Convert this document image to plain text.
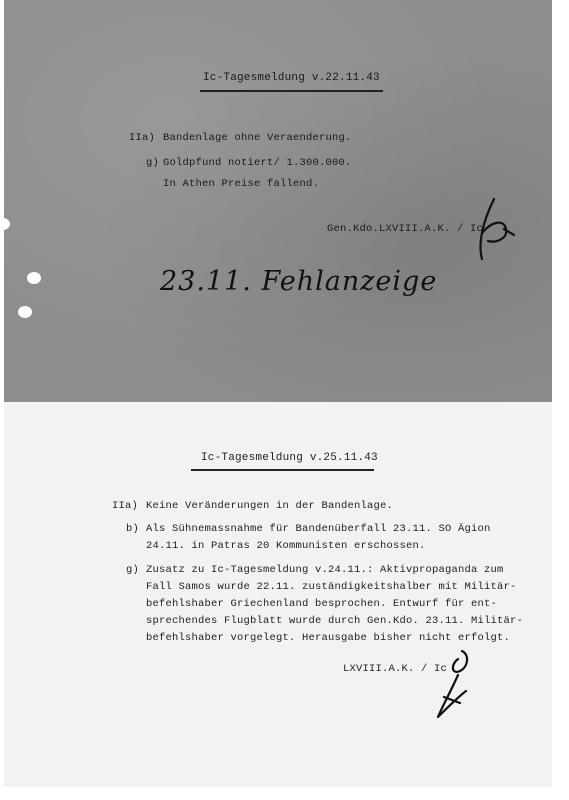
Ic-Tagesmeldung v.22.11.43
IIa) Bandenlage ohne Veraenderung.
g) Goldpfund notiert/ 1.300.000.
In Athen Preise fallend.
Gen.Kdo.LXVIII.A.K. / Ic
23.11. Fehlanzeige
Ic-Tagesmeldung v.25.11.43
IIa) Keine Veränderungen in der Bandenlage.
b) Als Sühnemassnahme für Bandenüberfall 23.11. SO Ägion
24.11. in Patras 20 Kommunisten erschossen.
g) Zusatz zu Ic-Tagesmeldung v.24.11.: Aktivpropaganda zum
Fall Samos wurde 22.11. zuständigkeitshalber mit Militär-
befehlshaber Griechenland besprochen. Entwurf für ent-
sprechendes Flugblatt wurde durch Gen.Kdo. 23.11. Militär-
befehlshaber vorgelegt. Herausgabe bisher nicht erfolgt.
LXVIII.A.K. / Ic
